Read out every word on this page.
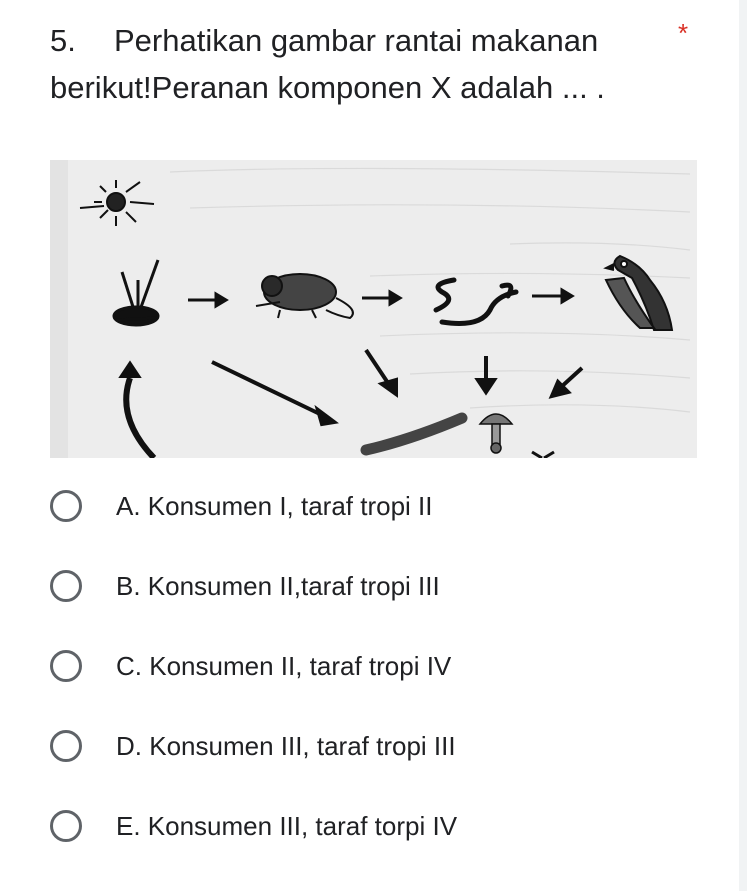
5. Perhatikan gambar rantai makanan
berikut!Peranan komponen X adalah ... .
*
A. Konsumen I, taraf tropi II
B. Konsumen II,taraf tropi III
C. Konsumen II, taraf tropi IV
D. Konsumen III, taraf tropi III
E. Konsumen III, taraf torpi IV
